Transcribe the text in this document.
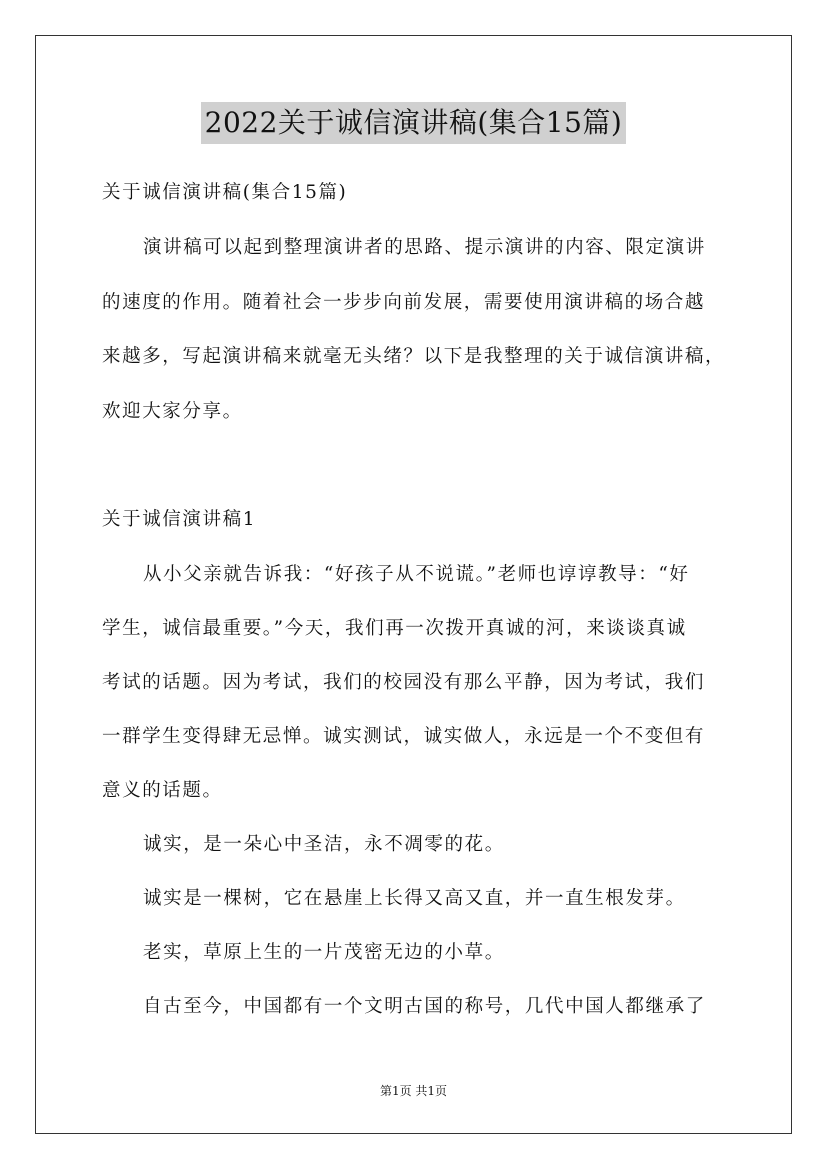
2022关于诚信演讲稿(集合15篇)
关于诚信演讲稿(集合15篇)
演讲稿可以起到整理演讲者的思路、提示演讲的内容、限定演讲
的速度的作用。随着社会一步步向前发展，需要使用演讲稿的场合越
来越多，写起演讲稿来就毫无头绪？以下是我整理的关于诚信演讲稿，
欢迎大家分享。
关于诚信演讲稿1
从小父亲就告诉我：“好孩子从不说谎。”老师也谆谆教导：“好
学生，诚信最重要。”今天，我们再一次拨开真诚的河，来谈谈真诚
考试的话题。因为考试，我们的校园没有那么平静，因为考试，我们
一群学生变得肆无忌惮。诚实测试，诚实做人，永远是一个不变但有
意义的话题。
诚实，是一朵心中圣洁，永不凋零的花。
诚实是一棵树，它在悬崖上长得又高又直，并一直生根发芽。
老实，草原上生的一片茂密无边的小草。
自古至今，中国都有一个文明古国的称号，几代中国人都继承了
第1页 共1页
